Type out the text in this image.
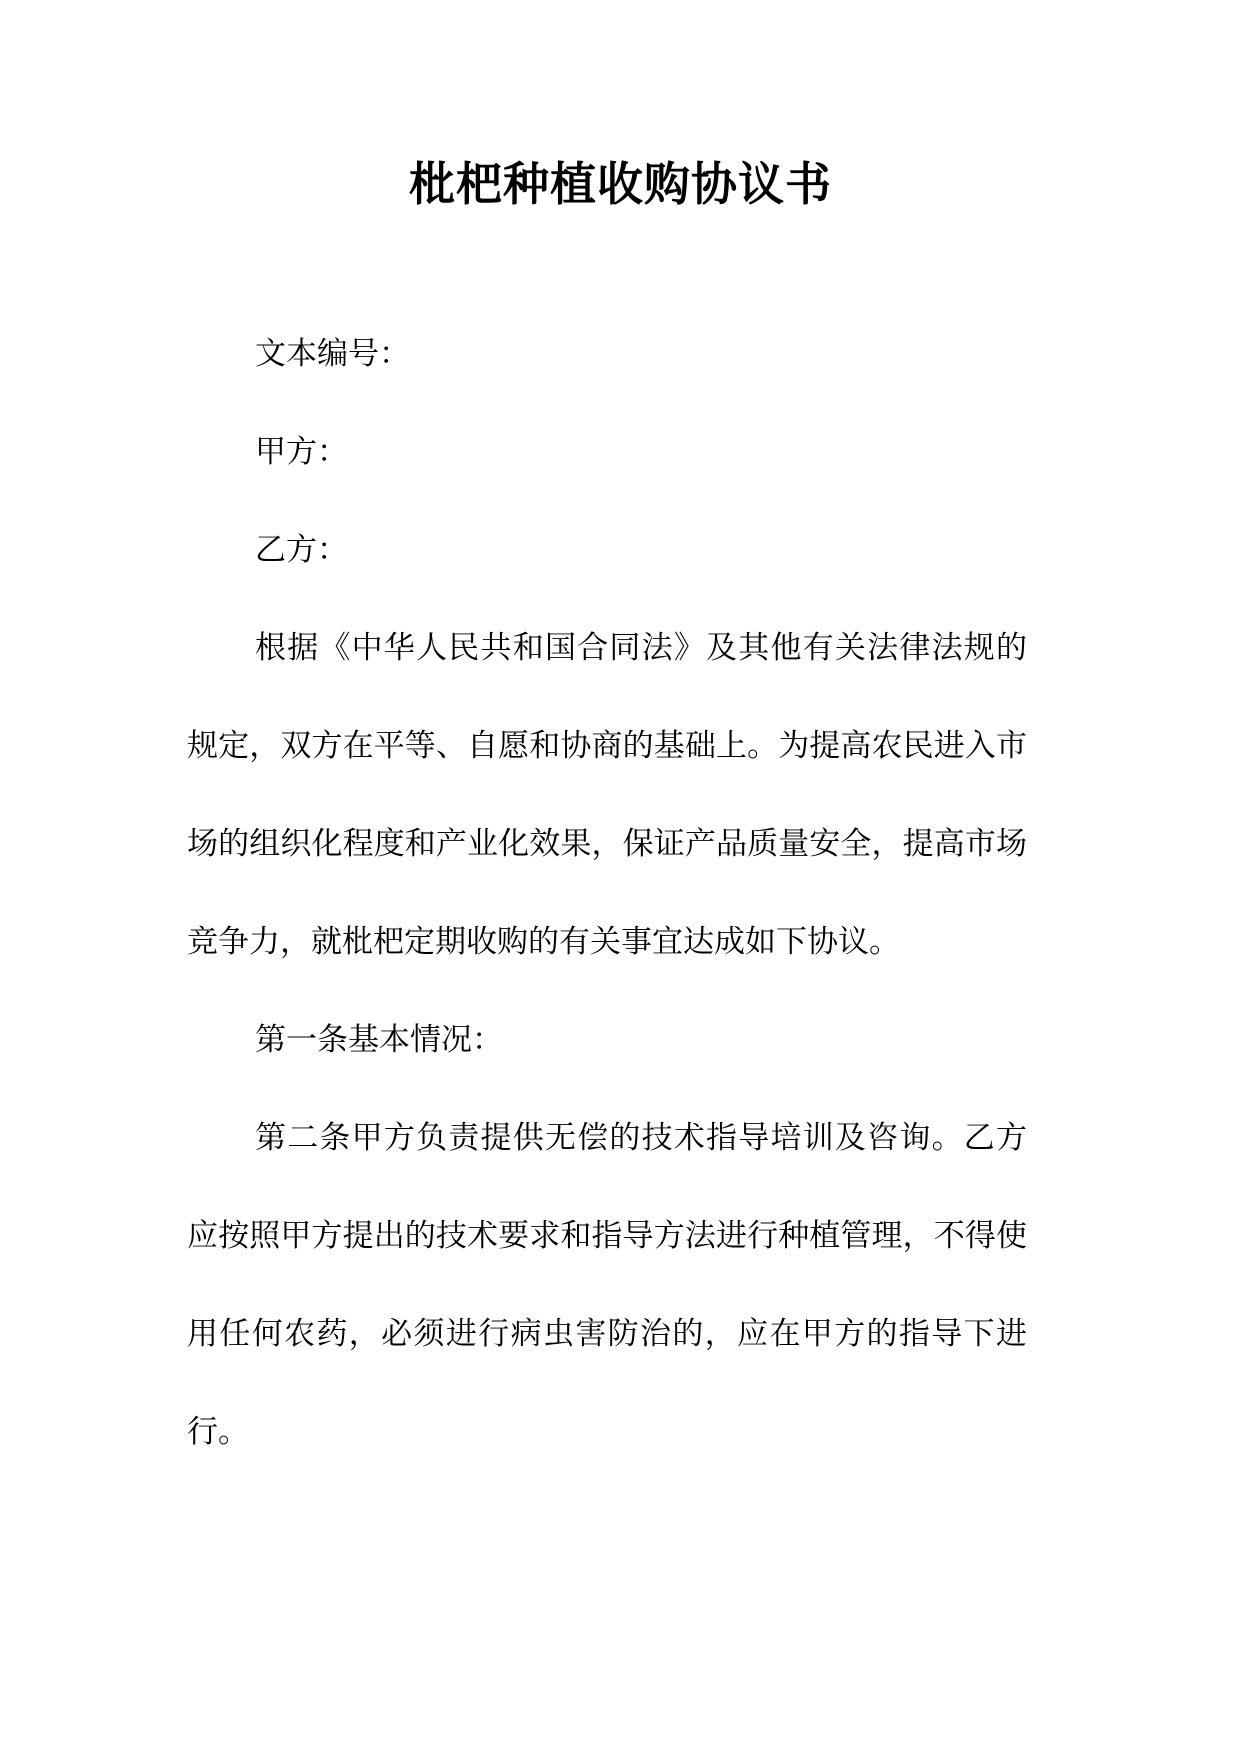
枇杷种植收购协议书

文本编号：

甲方：

乙方：

根据《中华人民共和国合同法》及其他有关法律法规的规定，双方在平等、自愿和协商的基础上。为提高农民进入市场的组织化程度和产业化效果，保证产品质量安全，提高市场竞争力，就枇杷定期收购的有关事宜达成如下协议。

第一条基本情况：

第二条甲方负责提供无偿的技术指导培训及咨询。乙方应按照甲方提出的技术要求和指导方法进行种植管理，不得使用任何农药，必须进行病虫害防治的，应在甲方的指导下进行。
